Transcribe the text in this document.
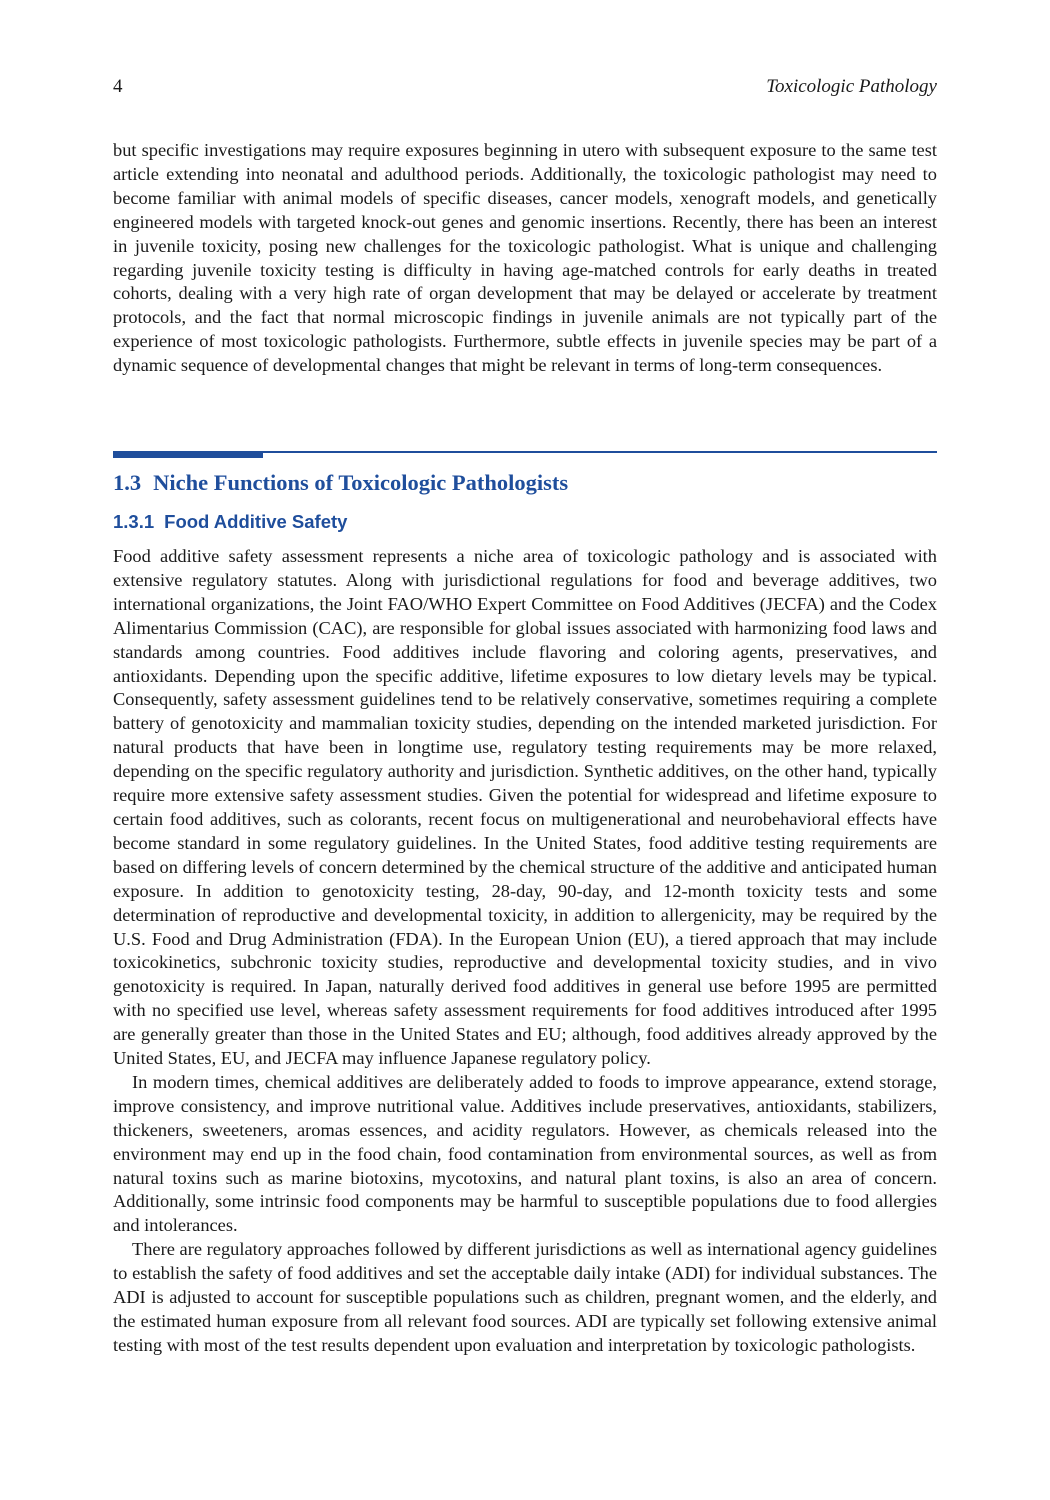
4	Toxicologic Pathology

but specific investigations may require exposures beginning in utero with subsequent exposure to the same test article extending into neonatal and adulthood periods. Additionally, the toxicologic pathologist may need to become familiar with animal models of specific diseases, cancer models, xenograft models, and genetically engineered models with targeted knock-out genes and genomic insertions. Recently, there has been an interest in juvenile toxicity, posing new challenges for the toxicologic pathologist. What is unique and challenging regarding juvenile toxicity testing is difficulty in having age-matched controls for early deaths in treated cohorts, dealing with a very high rate of organ development that may be delayed or accelerate by treatment protocols, and the fact that normal microscopic findings in juvenile animals are not typically part of the experience of most toxicologic pathologists. Furthermore, subtle effects in juvenile species may be part of a dynamic sequence of developmental changes that might be relevant in terms of long-term consequences.

1.3 Niche Functions of Toxicologic Pathologists
1.3.1 Food Additive Safety

Food additive safety assessment represents a niche area of toxicologic pathology and is associated with extensive regulatory statutes. Along with jurisdictional regulations for food and beverage additives, two international organizations, the Joint FAO/WHO Expert Committee on Food Additives (JECFA) and the Codex Alimentarius Commission (CAC), are responsible for global issues associated with harmonizing food laws and standards among countries. Food additives include flavoring and coloring agents, preservatives, and antioxidants. Depending upon the specific additive, lifetime exposures to low dietary levels may be typical. Consequently, safety assessment guidelines tend to be relatively conservative, sometimes requiring a complete battery of genotoxicity and mammalian toxicity studies, depending on the intended marketed jurisdiction. For natural products that have been in longtime use, regulatory testing requirements may be more relaxed, depending on the specific regulatory authority and jurisdiction. Synthetic additives, on the other hand, typically require more extensive safety assessment studies. Given the potential for widespread and lifetime exposure to certain food additives, such as colorants, recent focus on multigenerational and neurobehavioral effects have become standard in some regulatory guidelines. In the United States, food additive testing requirements are based on differing levels of concern determined by the chemical structure of the additive and anticipated human exposure. In addition to genotoxicity testing, 28-day, 90-day, and 12-month toxicity tests and some determination of reproductive and developmental toxicity, in addition to allergenicity, may be required by the U.S. Food and Drug Administration (FDA). In the European Union (EU), a tiered approach that may include toxicokinetics, subchronic toxicity studies, reproductive and developmental toxicity studies, and in vivo genotoxicity is required. In Japan, naturally derived food additives in general use before 1995 are permitted with no specified use level, whereas safety assessment requirements for food additives introduced after 1995 are generally greater than those in the United States and EU; although, food additives already approved by the United States, EU, and JECFA may influence Japanese regulatory policy.

In modern times, chemical additives are deliberately added to foods to improve appearance, extend storage, improve consistency, and improve nutritional value. Additives include preservatives, antioxidants, stabilizers, thickeners, sweeteners, aromas essences, and acidity regulators. However, as chemicals released into the environment may end up in the food chain, food contamination from environmental sources, as well as from natural toxins such as marine biotoxins, mycotoxins, and natural plant toxins, is also an area of concern. Additionally, some intrinsic food components may be harmful to susceptible populations due to food allergies and intolerances.

There are regulatory approaches followed by different jurisdictions as well as international agency guidelines to establish the safety of food additives and set the acceptable daily intake (ADI) for individual substances. The ADI is adjusted to account for susceptible populations such as children, pregnant women, and the elderly, and the estimated human exposure from all relevant food sources. ADI are typically set following extensive animal testing with most of the test results dependent upon evaluation and interpretation by toxicologic pathologists.
